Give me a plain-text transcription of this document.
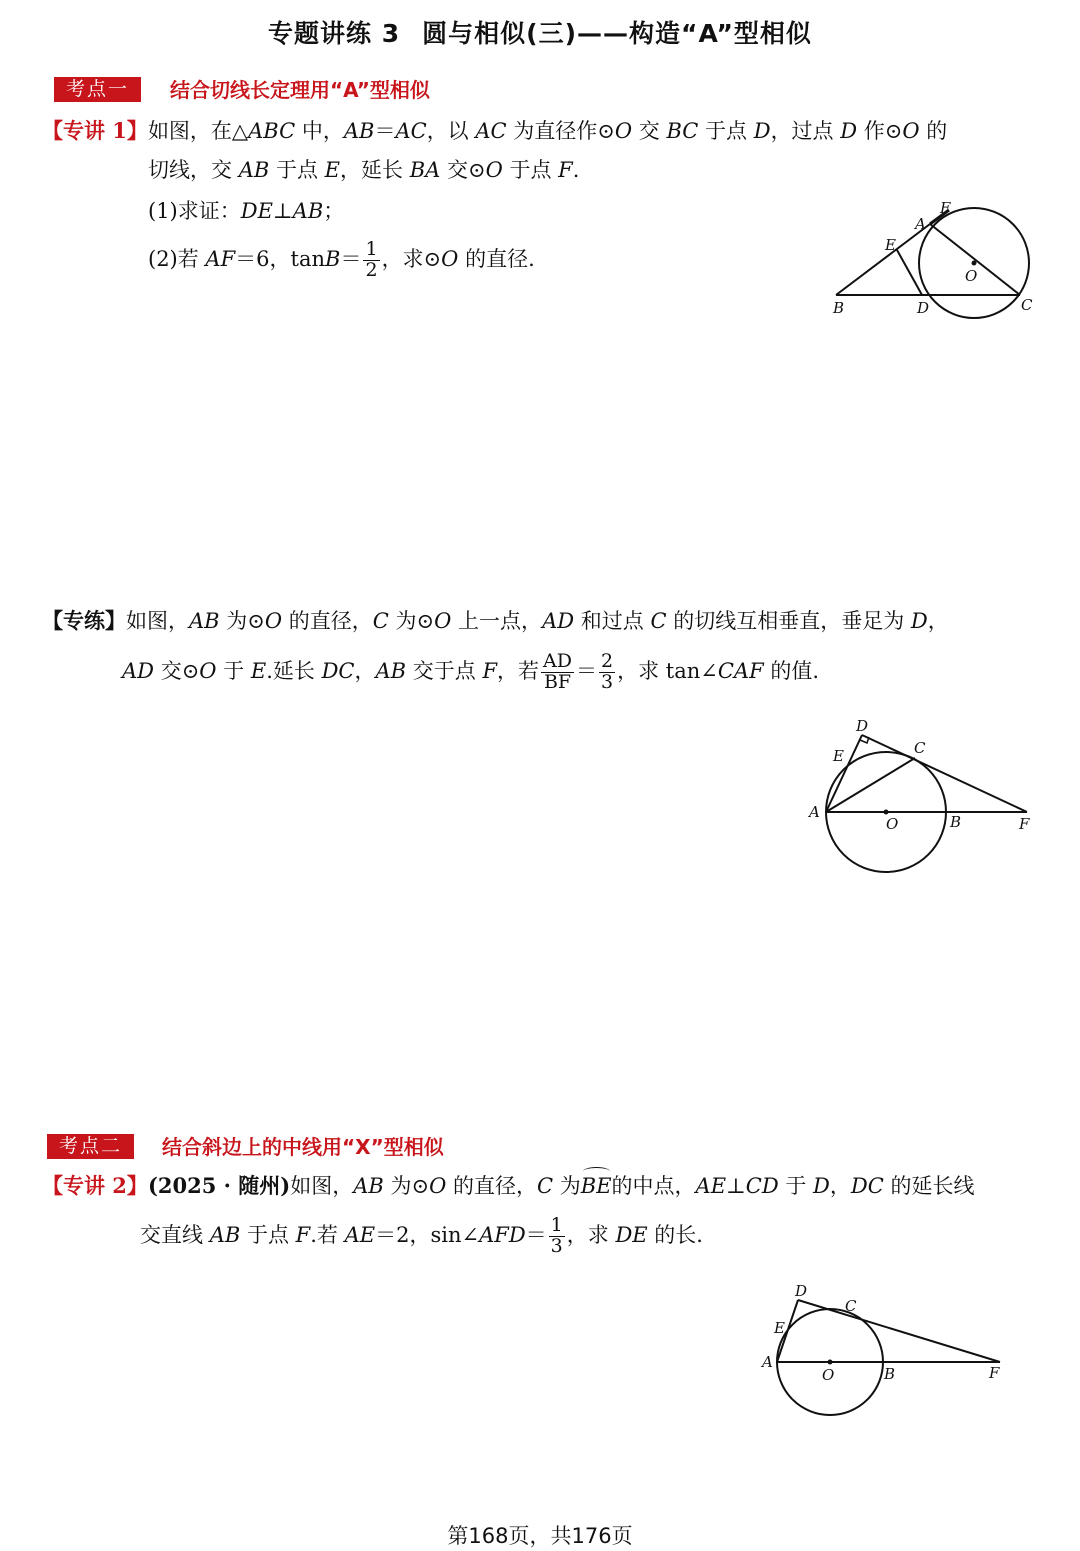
专题讲练 3 圆与相似(三)——构造“A”型相似
考点一	结合切线长定理用“A”型相似
【专讲 1】如图，在△ABC 中，AB＝AC，以 AC 为直径作⊙O 交 BC 于点 D，过点 D 作⊙O 的
切线，交 AB 于点 E，延长 BA 交⊙O 于点 F.
(1)求证：DE⊥AB；
(2)若 AF＝6，$\tan B= \frac{1}{2}$ ，求⊙O 的直径.
F
A
E
O
B	D	C
【专练】如图，AB 为⊙O 的直径，C 为⊙O 上一点，AD 和过点 C 的切线互相垂直，垂足为 D，
AD 交⊙O 于 E.延长 DC，AB 交于点 F，若 $\frac{AD}{BF} = \frac{2}{3}$ ，求 tan∠CAF 的值.
D
E	C
A
O	B	F
考点二	结合斜边上的中线用“X”型相似
【专讲 2】(2025 · 随州)如图，AB 为⊙O 的直径，C 为BE的中点，AE⊥CD 于 D，DC 的延长线
交直线 AB 于点 F.若 AE＝2，sin∠AFD＝ $\frac{1}{3}$ ，求 DE 的长.
D
C
E
A
O	B	F
第168页，共176页
